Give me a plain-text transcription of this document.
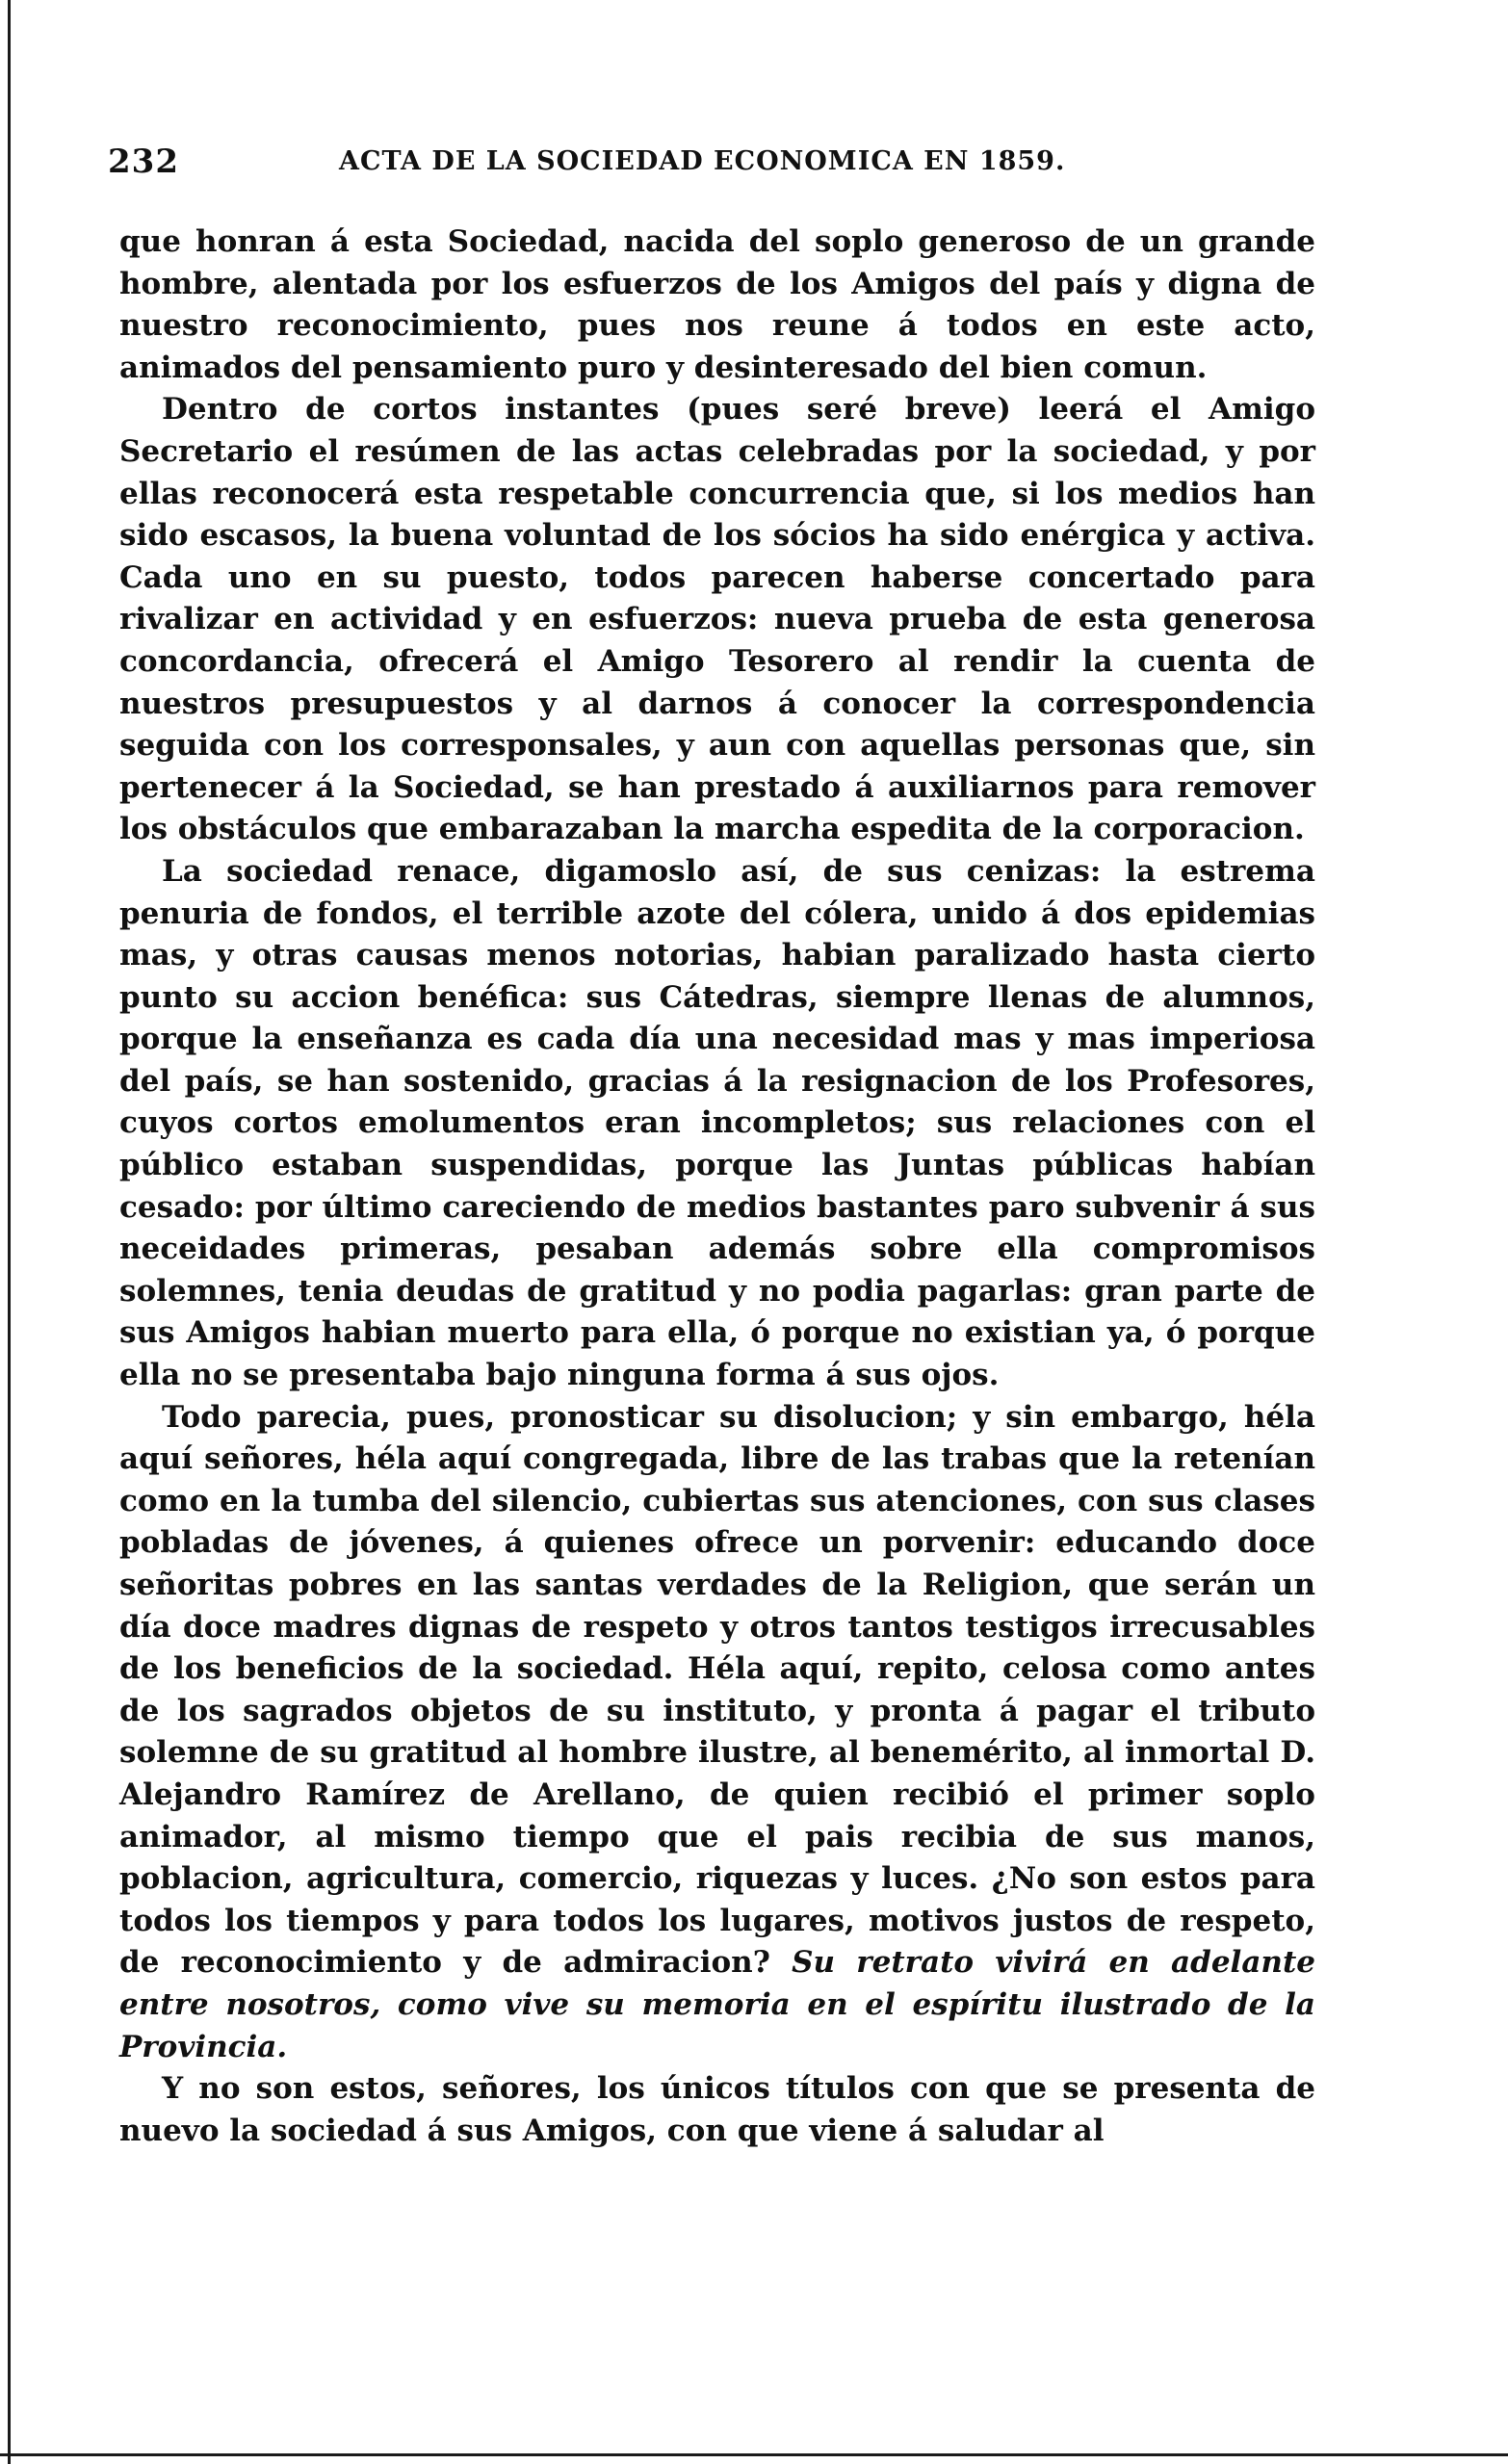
232	ACTA DE LA SOCIEDAD ECONOMICA EN 1859.

que honran á esta Sociedad, nacida del soplo generoso de un grande hombre, alentada por los esfuerzos de los Amigos del país y digna de nuestro reconocimiento, pues nos reune á todos en este acto, animados del pensamiento puro y desinteresado del bien comun.

Dentro de cortos instantes (pues seré breve) leerá el Amigo Secretario el resúmen de las actas celebradas por la sociedad, y por ellas reconocerá esta respetable concurrencia que, si los medios han sido escasos, la buena voluntad de los sócios ha sido enérgica y activa. Cada uno en su puesto, todos parecen haberse concertado para rivalizar en actividad y en esfuerzos: nueva prueba de esta generosa concordancia, ofrecerá el Amigo Tesorero al rendir la cuenta de nuestros presupuestos y al darnos á conocer la correspondencia seguida con los corresponsales, y aun con aquellas personas que, sin pertenecer á la Sociedad, se han prestado á auxiliarnos para remover los obstáculos que embarazaban la marcha espedita de la corporacion.

La sociedad renace, digamoslo así, de sus cenizas: la estrema penuria de fondos, el terrible azote del cólera, unido á dos epidemias mas, y otras causas menos notorias, habian paralizado hasta cierto punto su accion benéfica: sus Cátedras, siempre llenas de alumnos, porque la enseñanza es cada día una necesidad mas y mas imperiosa del país, se han sostenido, gracias á la resignacion de los Profesores, cuyos cortos emolumentos eran incompletos; sus relaciones con el público estaban suspendidas, porque las Juntas públicas habían cesado: por último careciendo de medios bastantes paro subvenir á sus neceidades primeras, pesaban además sobre ella compromisos solemnes, tenia deudas de gratitud y no podia pagarlas: gran parte de sus Amigos habian muerto para ella, ó porque no existian ya, ó porque ella no se presentaba bajo ninguna forma á sus ojos.

Todo parecia, pues, pronosticar su disolucion; y sin embargo, héla aquí señores, héla aquí congregada, libre de las trabas que la retenían como en la tumba del silencio, cubiertas sus atenciones, con sus clases pobladas de jóvenes, á quienes ofrece un porvenir: educando doce señoritas pobres en las santas verdades de la Religion, que serán un día doce madres dignas de respeto y otros tantos testigos irrecusables de los beneficios de la sociedad. Héla aquí, repito, celosa como antes de los sagrados objetos de su instituto, y pronta á pagar el tributo solemne de su gratitud al hombre ilustre, al benemérito, al inmortal D. Alejandro Ramírez de Arellano, de quien recibió el primer soplo animador, al mismo tiempo que el pais recibia de sus manos, poblacion, agricultura, comercio, riquezas y luces. ¿No son estos para todos los tiempos y para todos los lugares, motivos justos de respeto, de reconocimiento y de admiracion? Su retrato vivirá en adelante entre nosotros, como vive su memoria en el espíritu ilustrado de la Provincia.

Y no son estos, señores, los únicos títulos con que se presenta de nuevo la sociedad á sus Amigos, con que viene á saludar al
